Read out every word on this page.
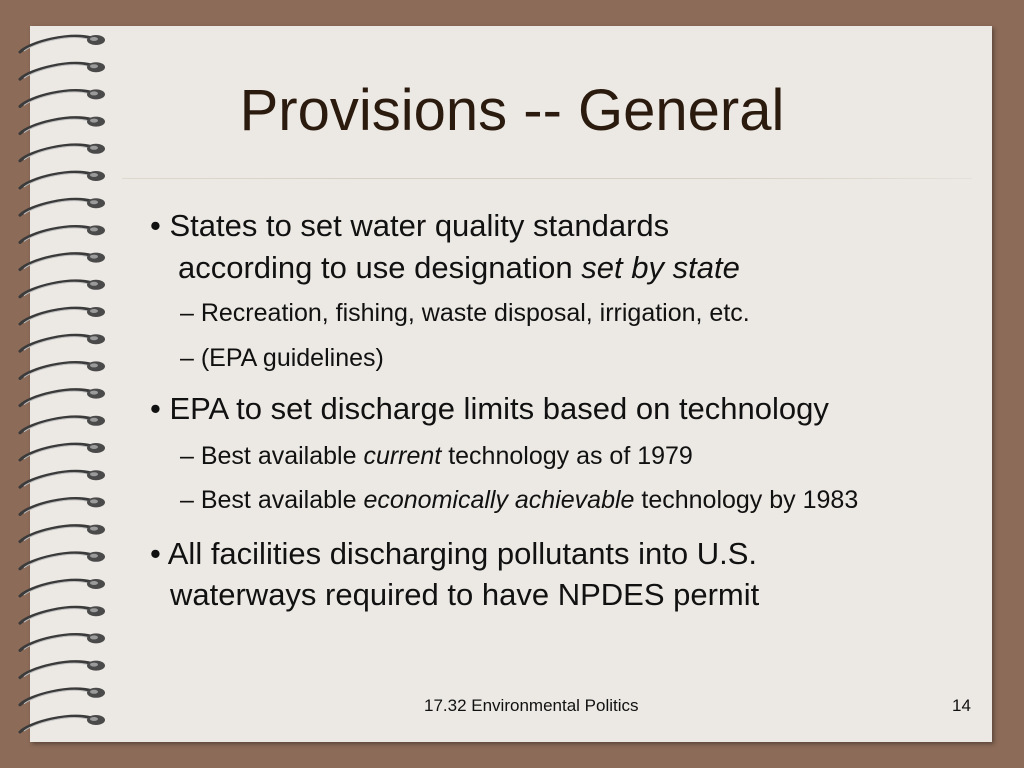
Provisions -- General
• States to set water quality standards
according to use designation set by state
– Recreation, fishing, waste disposal, irrigation, etc.
– (EPA guidelines)
• EPA to set discharge limits based on technology
– Best available current technology as of 1979
– Best available economically achievable technology by 1983
• All facilities discharging pollutants into U.S.
waterways required to have NPDES permit
17.32 Environmental Politics	14
